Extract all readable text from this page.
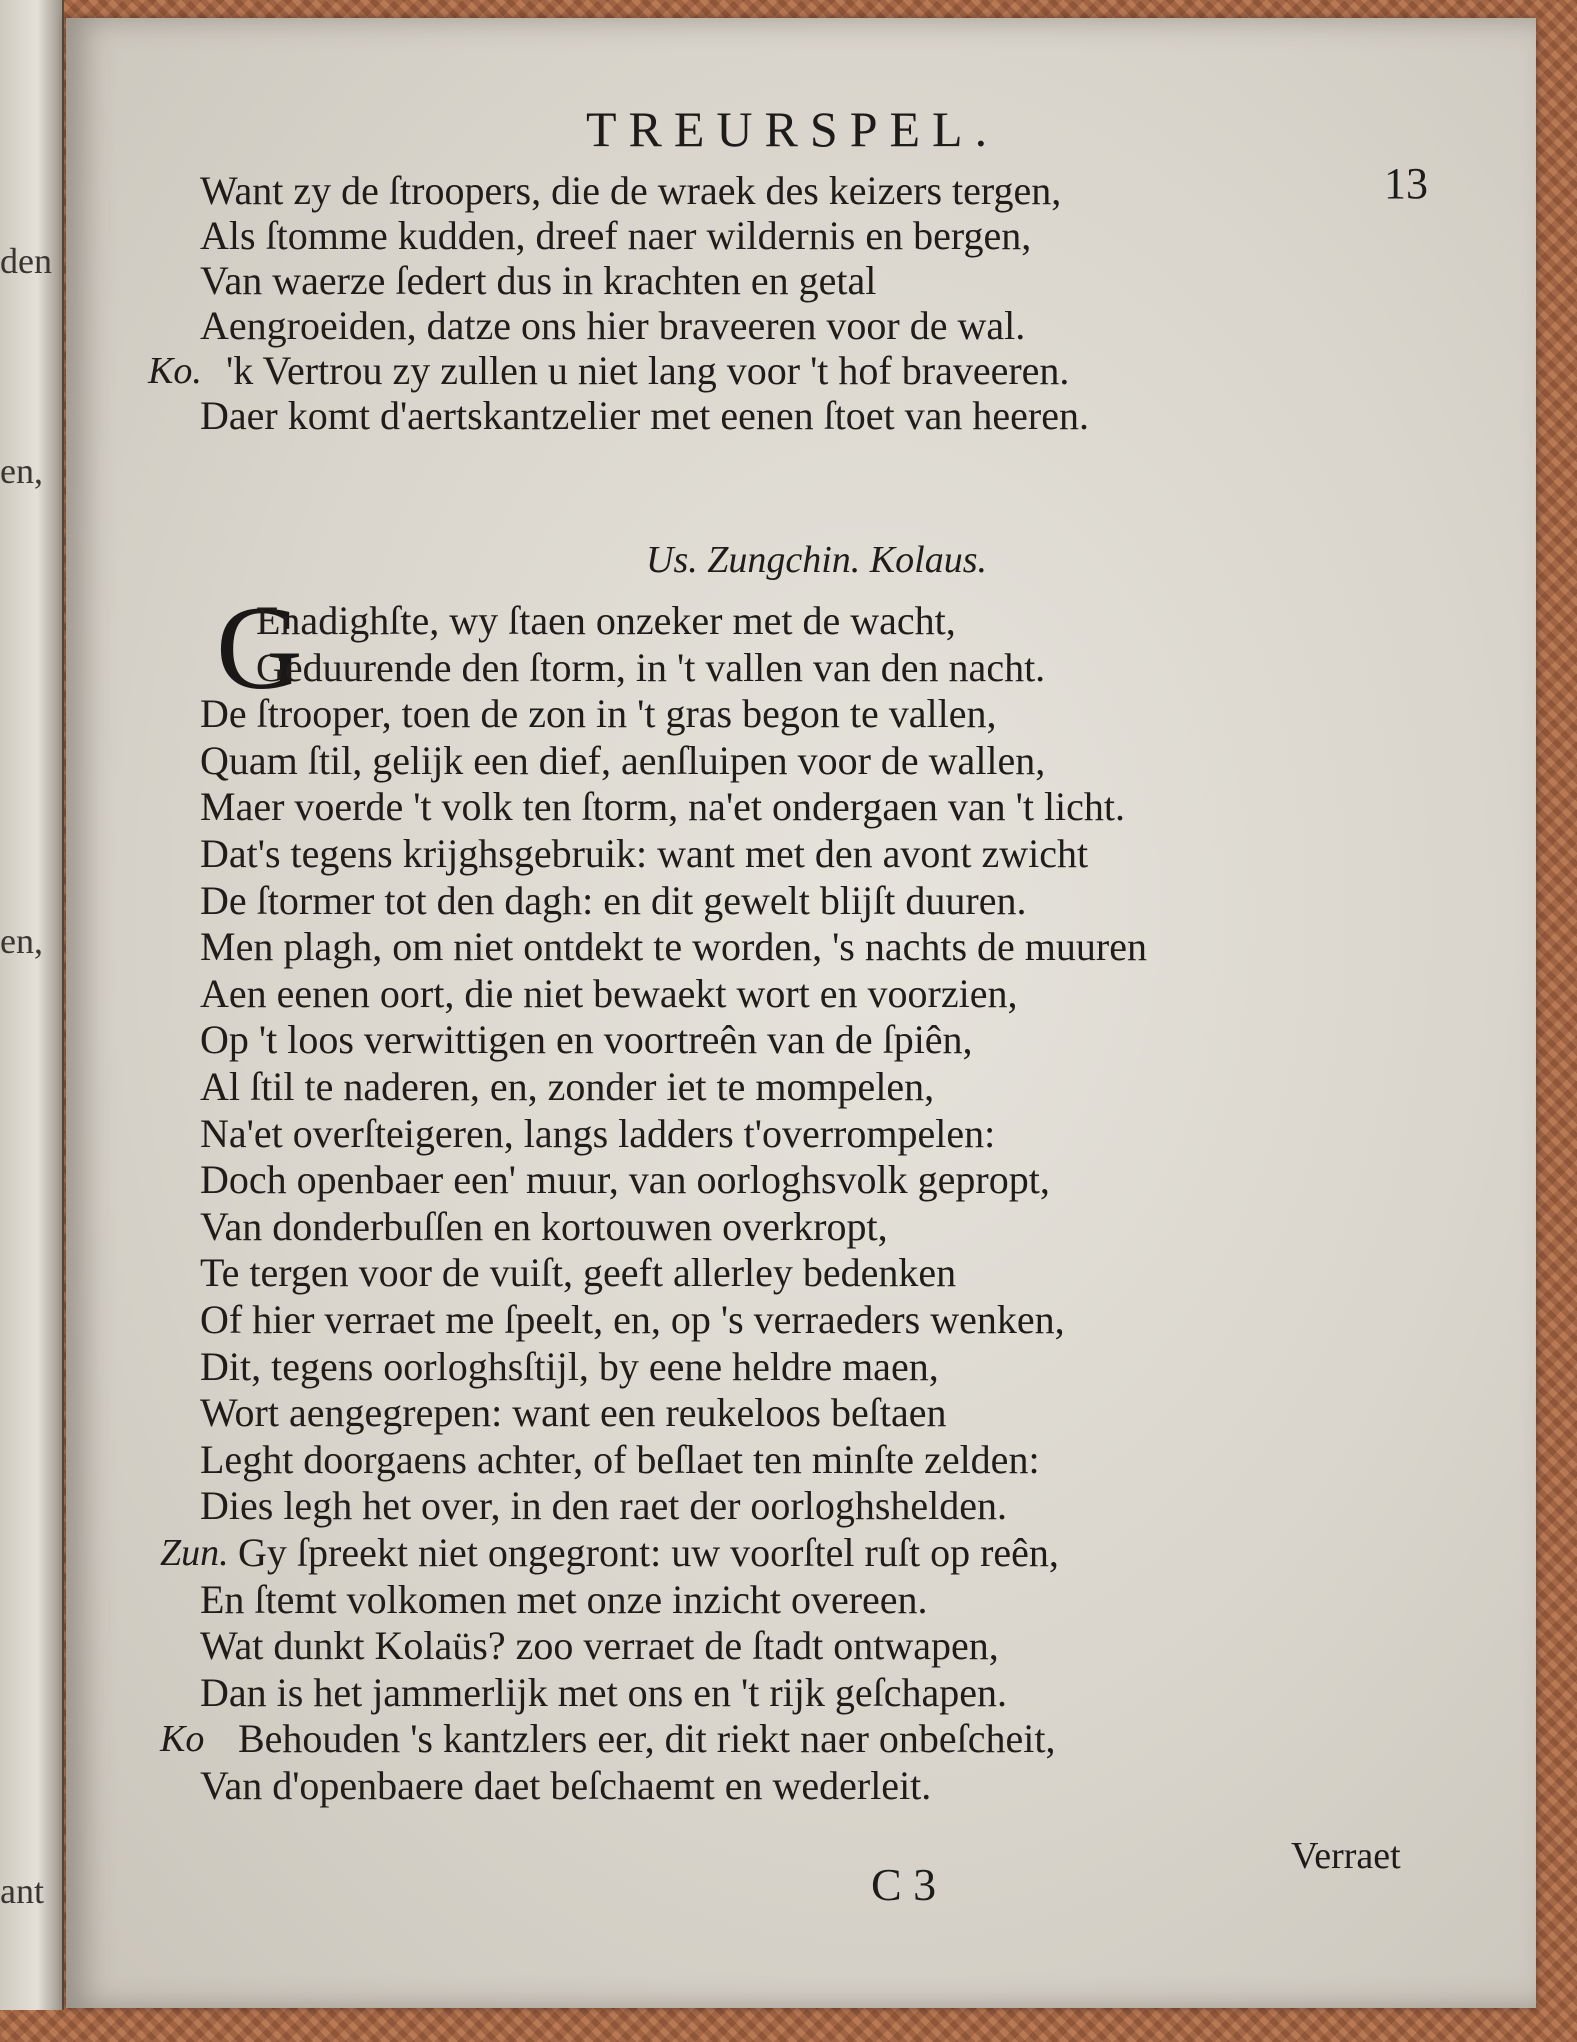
den
en,
en,
ant
TREURSPEL.
13
Want zy de ſtroopers, die de wraek des keizers tergen,
Als ſtomme kudden, dreef naer wildernis en bergen,
Van waerze ſedert dus in krachten en getal
Aengroeiden, datze ons hier braveeren voor de wal.
Ko. 'k Vertrou zy zullen u niet lang voor 't hof braveeren.
Daer komt d'aertskantzelier met eenen ſtoet van heeren.
Us. Zungchin. Kolaus.
G
Enadighſte, wy ſtaen onzeker met de wacht,
Geduurende den ſtorm, in 't vallen van den nacht.
De ſtrooper, toen de zon in 't gras begon te vallen,
Quam ſtil, gelijk een dief, aenſluipen voor de wallen,
Maer voerde 't volk ten ſtorm, na'et ondergaen van 't licht.
Dat's tegens krijghsgebruik: want met den avont zwicht
De ſtormer tot den dagh: en dit gewelt blijſt duuren.
Men plagh, om niet ontdekt te worden, 's nachts de muuren
Aen eenen oort, die niet bewaekt wort en voorzien,
Op 't loos verwittigen en voortreên van de ſpiên,
Al ſtil te naderen, en, zonder iet te mompelen,
Na'et overſteigeren, langs ladders t'overrompelen:
Doch openbaer een' muur, van oorloghsvolk gepropt,
Van donderbuſſen en kortouwen overkropt,
Te tergen voor de vuiſt, geeft allerley bedenken
Of hier verraet me ſpeelt, en, op 's verraeders wenken,
Dit, tegens oorloghsſtijl, by eene heldre maen,
Wort aengegrepen: want een reukeloos beſtaen
Leght doorgaens achter, of beſlaet ten minſte zelden:
Dies legh het over, in den raet der oorloghshelden.
Zun. Gy ſpreekt niet ongegront: uw voorſtel ruſt op reên,
En ſtemt volkomen met onze inzicht overeen.
Wat dunkt Kolaüs? zoo verraet de ſtadt ontwapen,
Dan is het jammerlijk met ons en 't rijk geſchapen.
Ko Behouden 's kantzlers eer, dit riekt naer onbeſcheit,
Van d'openbaere daet beſchaemt en wederleit.
C 3
Verraet
